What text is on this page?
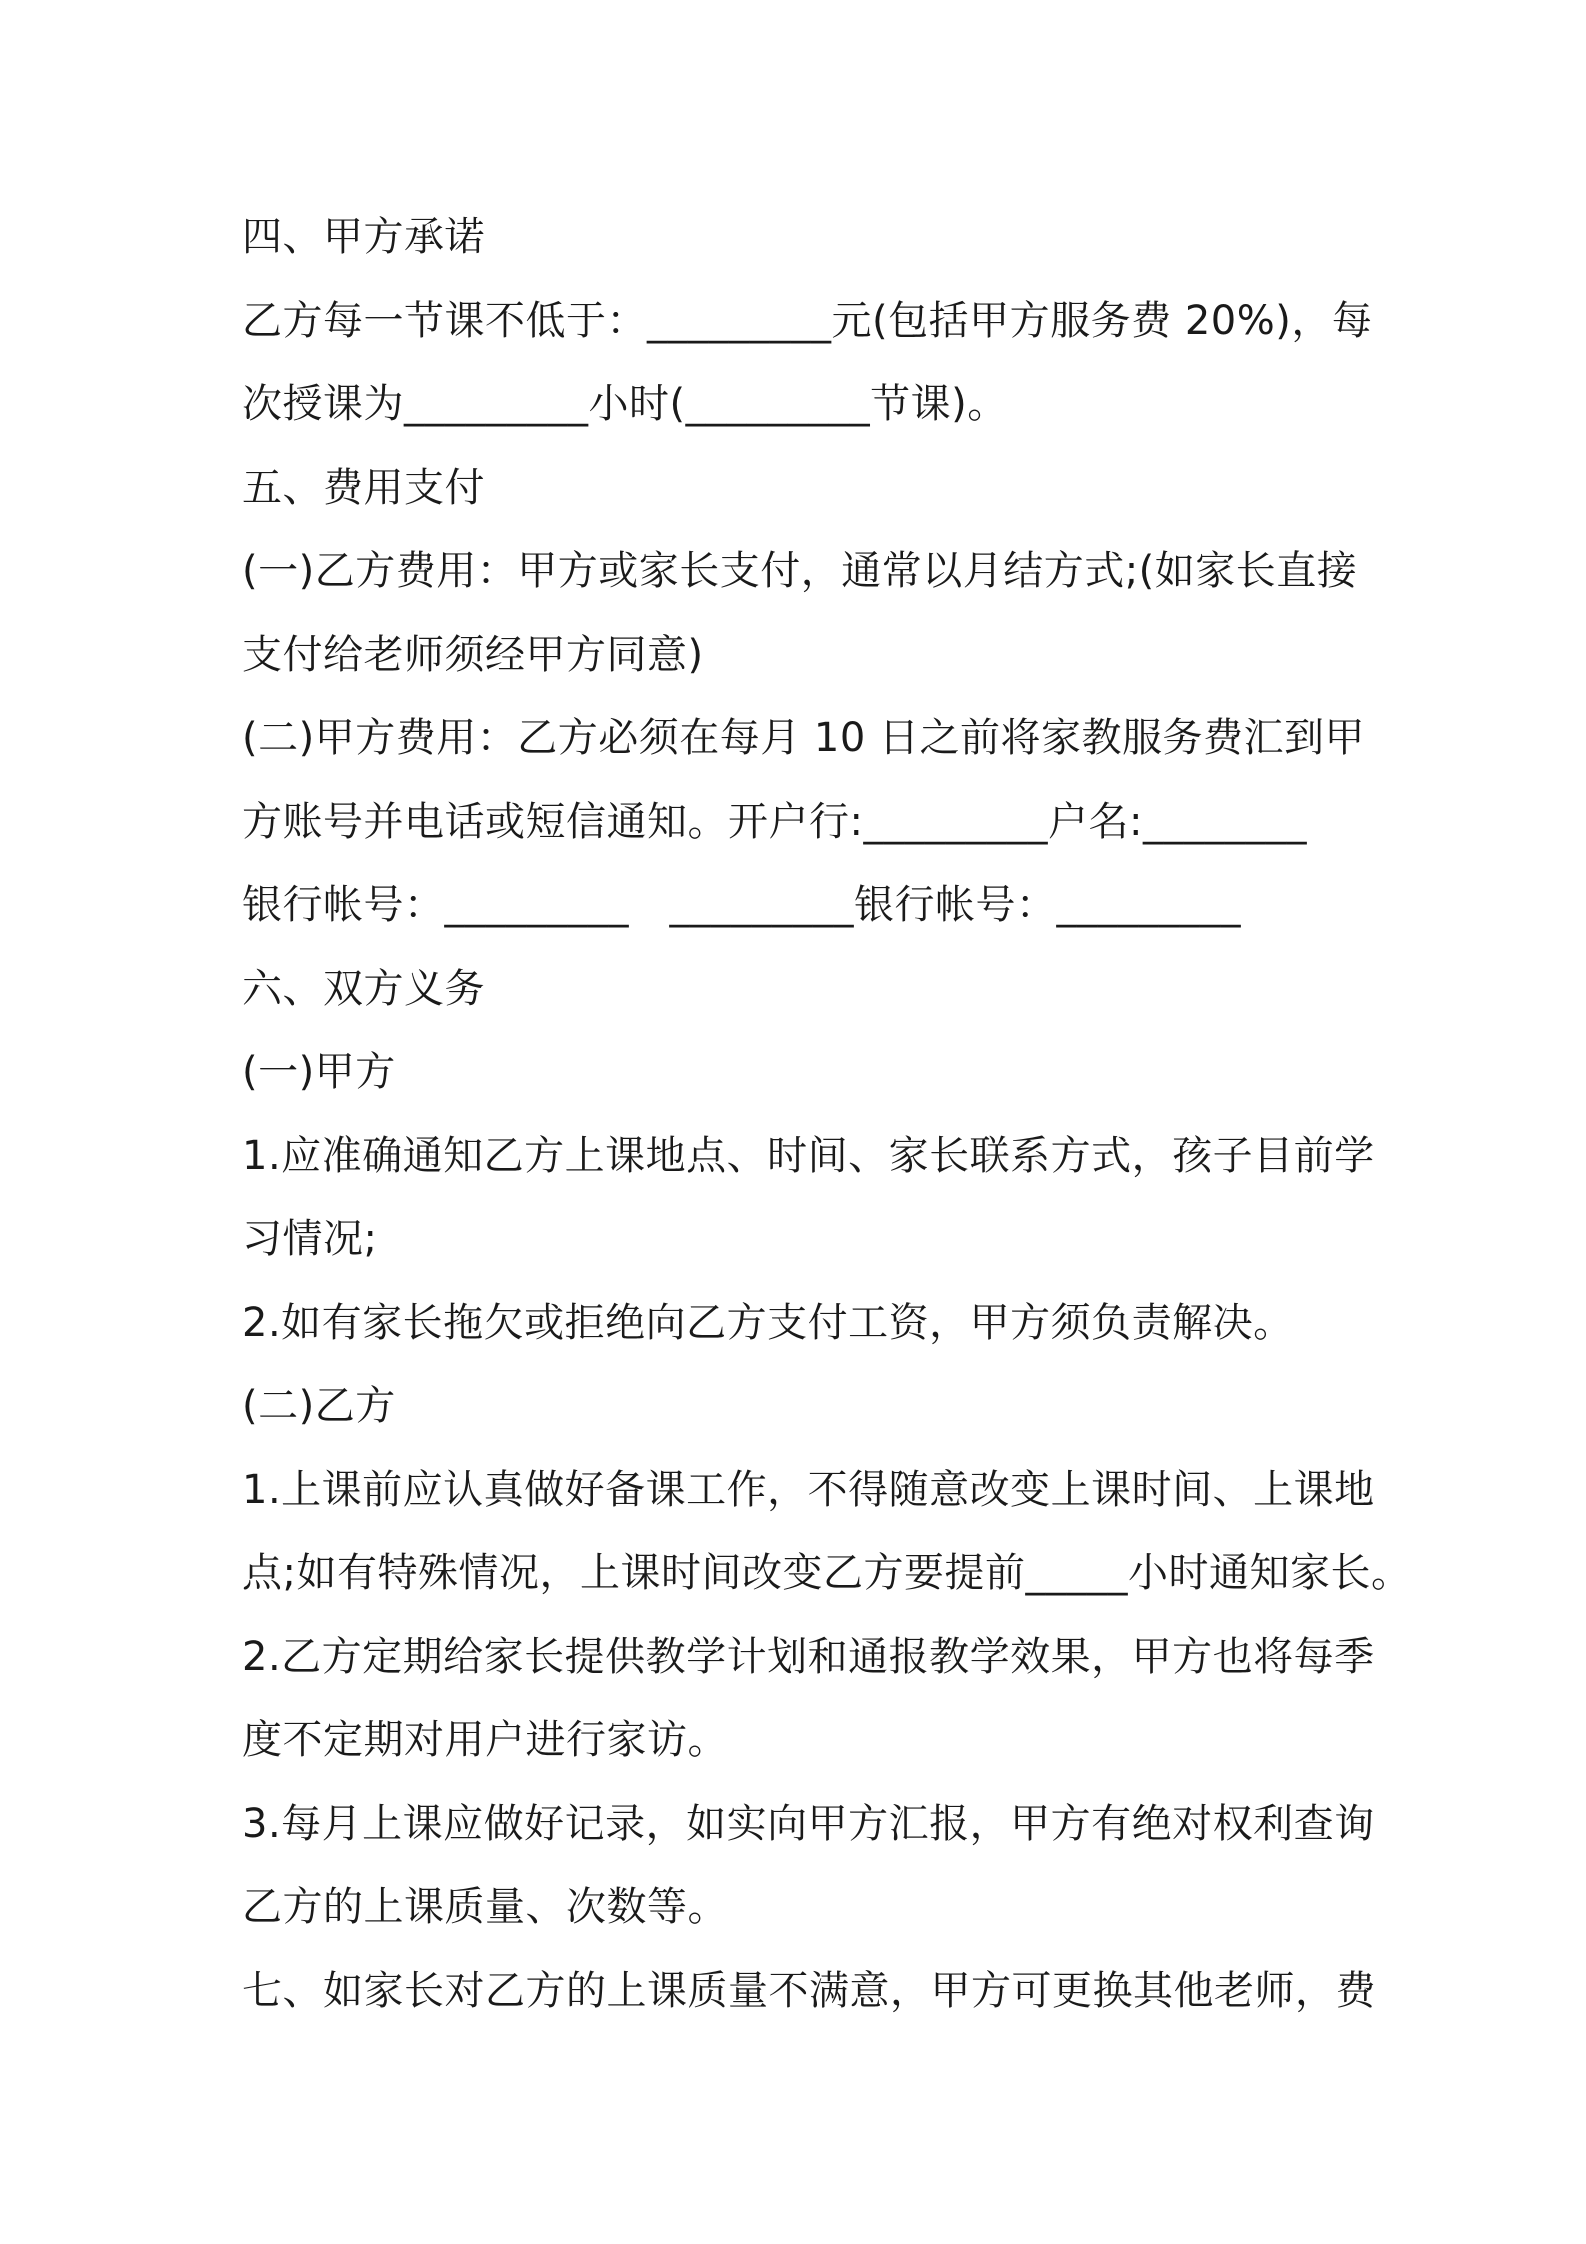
四、甲方承诺
乙方每一节课不低于：_________元(包括甲方服务费 20%)，每
次授课为_________小时(_________节课)。
五、费用支付
(一)乙方费用：甲方或家长支付，通常以月结方式;(如家长直接
支付给老师须经甲方同意)
(二)甲方费用：乙方必须在每月 10 日之前将家教服务费汇到甲
方账号并电话或短信通知。开户行:_________户名:________
银行帐号：_________　_________银行帐号：_________
六、双方义务
(一)甲方
1.应准确通知乙方上课地点、时间、家长联系方式，孩子目前学
习情况;
2.如有家长拖欠或拒绝向乙方支付工资，甲方须负责解决。
(二)乙方
1.上课前应认真做好备课工作，不得随意改变上课时间、上课地
点;如有特殊情况，上课时间改变乙方要提前_____小时通知家长。
2.乙方定期给家长提供教学计划和通报教学效果，甲方也将每季
度不定期对用户进行家访。
3.每月上课应做好记录，如实向甲方汇报，甲方有绝对权利查询
乙方的上课质量、次数等。
七、如家长对乙方的上课质量不满意，甲方可更换其他老师，费
